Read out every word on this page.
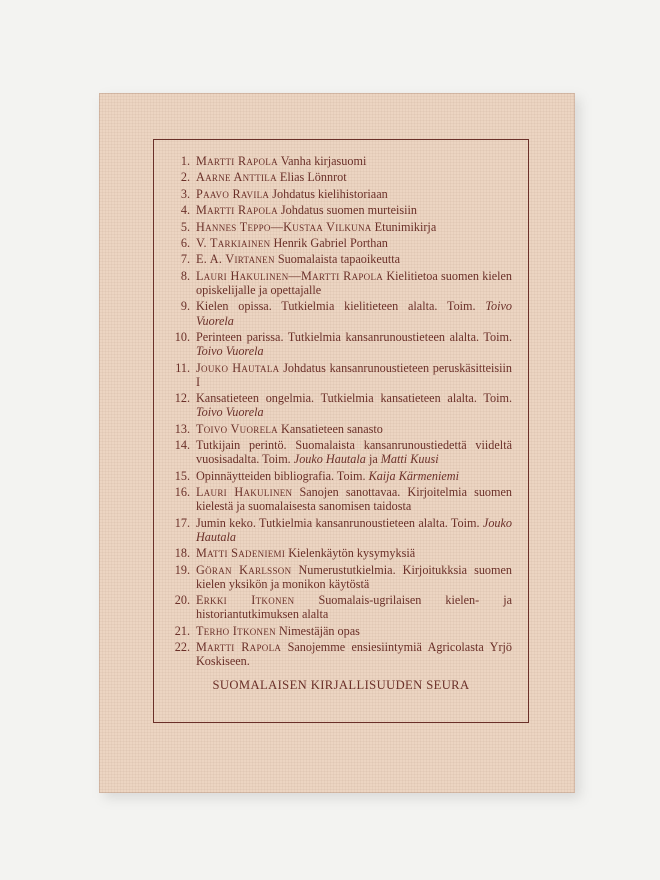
1. Martti Rapola Vanha kirjasuomi
2. Aarne Anttila Elias Lönnrot
3. Paavo Ravila Johdatus kielihistoriaan
4. Martti Rapola Johdatus suomen murteisiin
5. Hannes Teppo—Kustaa Vilkuna Etunimikirja
6. V. Tarkiainen Henrik Gabriel Porthan
7. E. A. Virtanen Suomalaista tapaoikeutta
8. Lauri Hakulinen—Martti Rapola Kielitietoa suomen kielen opiskelijalle ja opettajalle
9. Kielen opissa. Tutkielmia kielitieteen alalta. Toim. Toivo Vuorela
10. Perinteen parissa. Tutkielmia kansanrunoustieteen alalta. Toim. Toivo Vuorela
11. Jouko Hautala Johdatus kansanrunoustieteen peruskäsitteisiin I
12. Kansatieteen ongelmia. Tutkielmia kansatieteen alalta. Toim. Toivo Vuorela
13. Toivo Vuorela Kansatieteen sanasto
14. Tutkijain perintö. Suomalaista kansanrunoustiedettä viideltä vuosisadalta. Toim. Jouko Hautala ja Matti Kuusi
15. Opinnäytteiden bibliografia. Toim. Kaija Kärmeniemi
16. Lauri Hakulinen Sanojen sanottavaa. Kirjoitelmia suomen kielestä ja suomalaisesta sanomisen taidosta
17. Jumin keko. Tutkielmia kansanrunoustieteen alalta. Toim. Jouko Hautala
18. Matti Sadeniemi Kielenkäytön kysymyksiä
19. Göran Karlsson Numerustutkielmia. Kirjoitukksia suomen kielen yksikön ja monikon käytöstä
20. Erkki Itkonen Suomalais-ugrilaisen kielen- ja historiantutkimuksen alalta
21. Terho Itkonen Nimestäjän opas
22. Martti Rapola Sanojemme ensiesiintymiä Agricolasta Yrjö Koskiseen.
SUOMALAISEN KIRJALLISUUDEN SEURA
